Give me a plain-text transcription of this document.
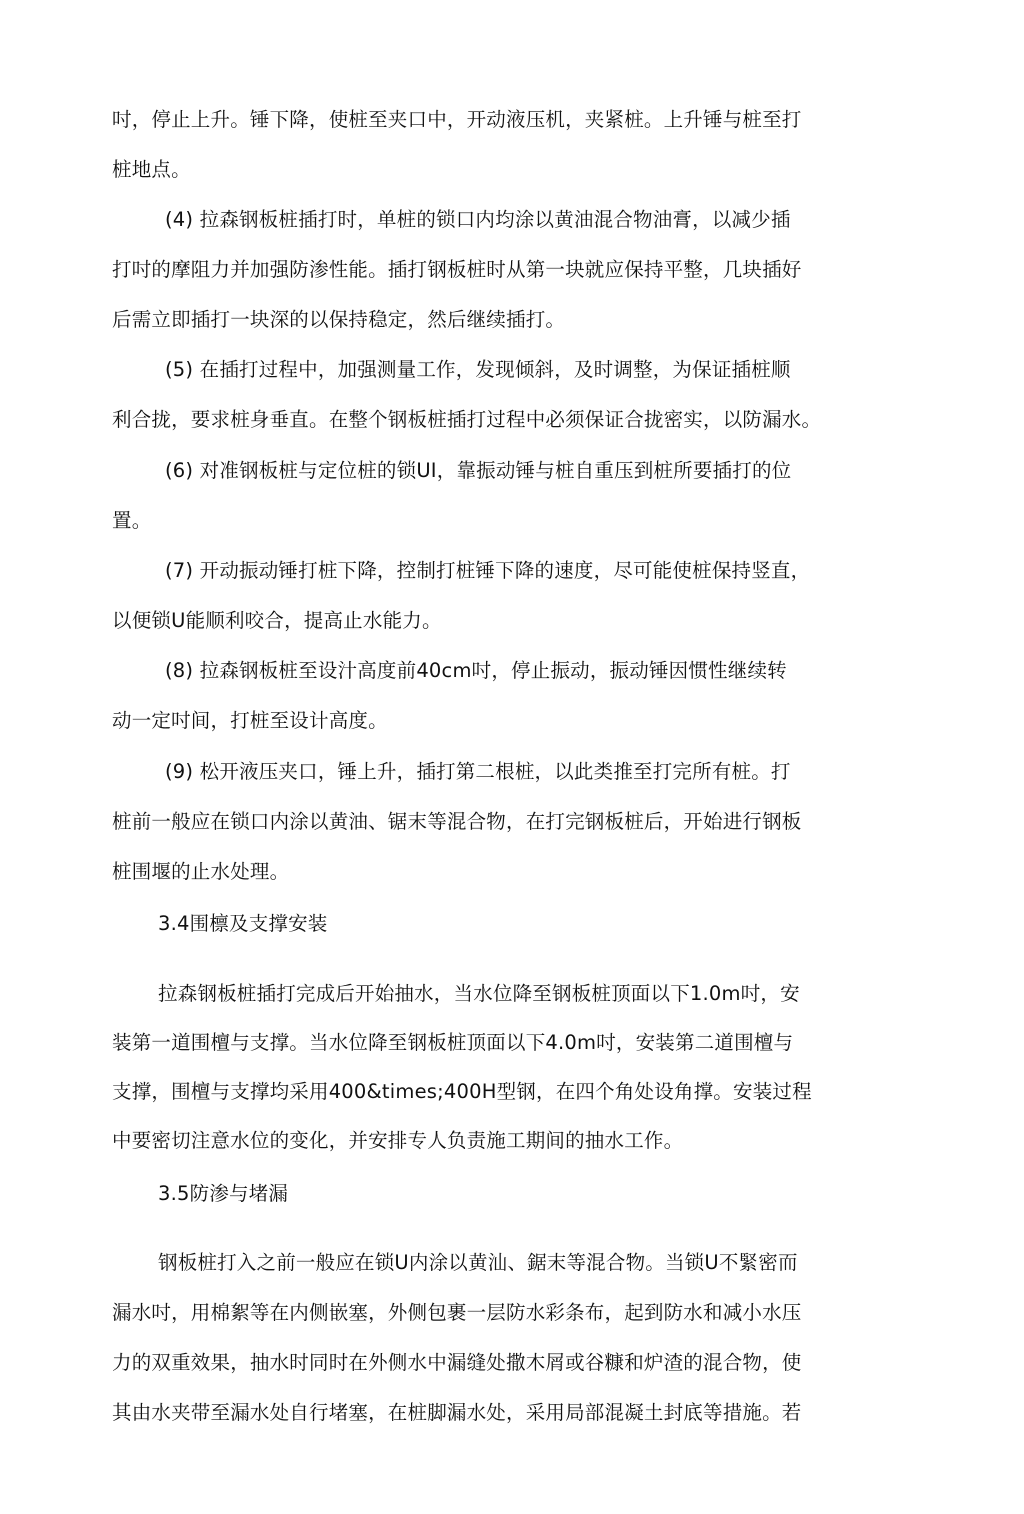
吋，停止上升。锤下降，使桩至夹口中，开动液压机，夹紧桩。上升锤与桩至打
桩地点。
(4) 拉森钢板桩插打时，单桩的锁口内均涂以黄油混合物油膏，以减少插
打吋的摩阻力并加强防渗性能。插打钢板桩时从第一块就应保持平整，几块插好
后需立即插打一块深的以保持稳定，然后继续插打。
(5) 在插打过程中，加强测量工作，发现倾斜，及时调整，为保证插桩顺
利合拢，要求桩身垂直。在整个钢板桩插打过程中必须保证合拢密实，以防漏水。
(6) 对准钢板桩与定位桩的锁UI，靠振动锤与桩自重压到桩所要插打的位
置。
(7) 开动振动锤打桩下降，控制打桩锤下降的速度，尽可能使桩保持竖直，
以便锁U能顺利咬合，提高止水能力。
(8) 拉森钢板桩至设汁高度前40cm吋，停止振动，振动锤因惯性继续转
动一定吋间，打桩至设计高度。
(9) 松开液压夹口，锤上升，插打第二根桩，以此类推至打完所有桩。打
桩前一般应在锁口内涂以黄油、锯末等混合物，在打完钢板桩后，开始进行钢板
桩围堰的止水处理。
3.4围檩及支撑安装
拉森钢板桩插打完成后开始抽水，当水位降至钢板桩顶面以下1.0m吋，安
装第一道围檀与支撑。当水位降至钢板桩顶面以下4.0m吋，安装第二道围檀与
支撑，围檀与支撑均采用400&times;400H型钢，在四个角处设角撑。安装过程
中要密切注意水位的变化，并安排专人负责施工期间的抽水工作。
3.5防渗与堵漏
钢板桩打入之前一般应在锁U内涂以黄汕、鋸末等混合物。当锁U不緊密而
漏水吋，用棉絮等在内侧嵌塞，外侧包裹一层防水彩条布，起到防水和减小水压
力的双重效果，抽水时同时在外侧水中漏缝处撒木屑或谷糠和炉渣的混合物，使
其由水夹带至漏水处自行堵塞，在桩脚漏水处，采用局部混凝土封底等措施。若
